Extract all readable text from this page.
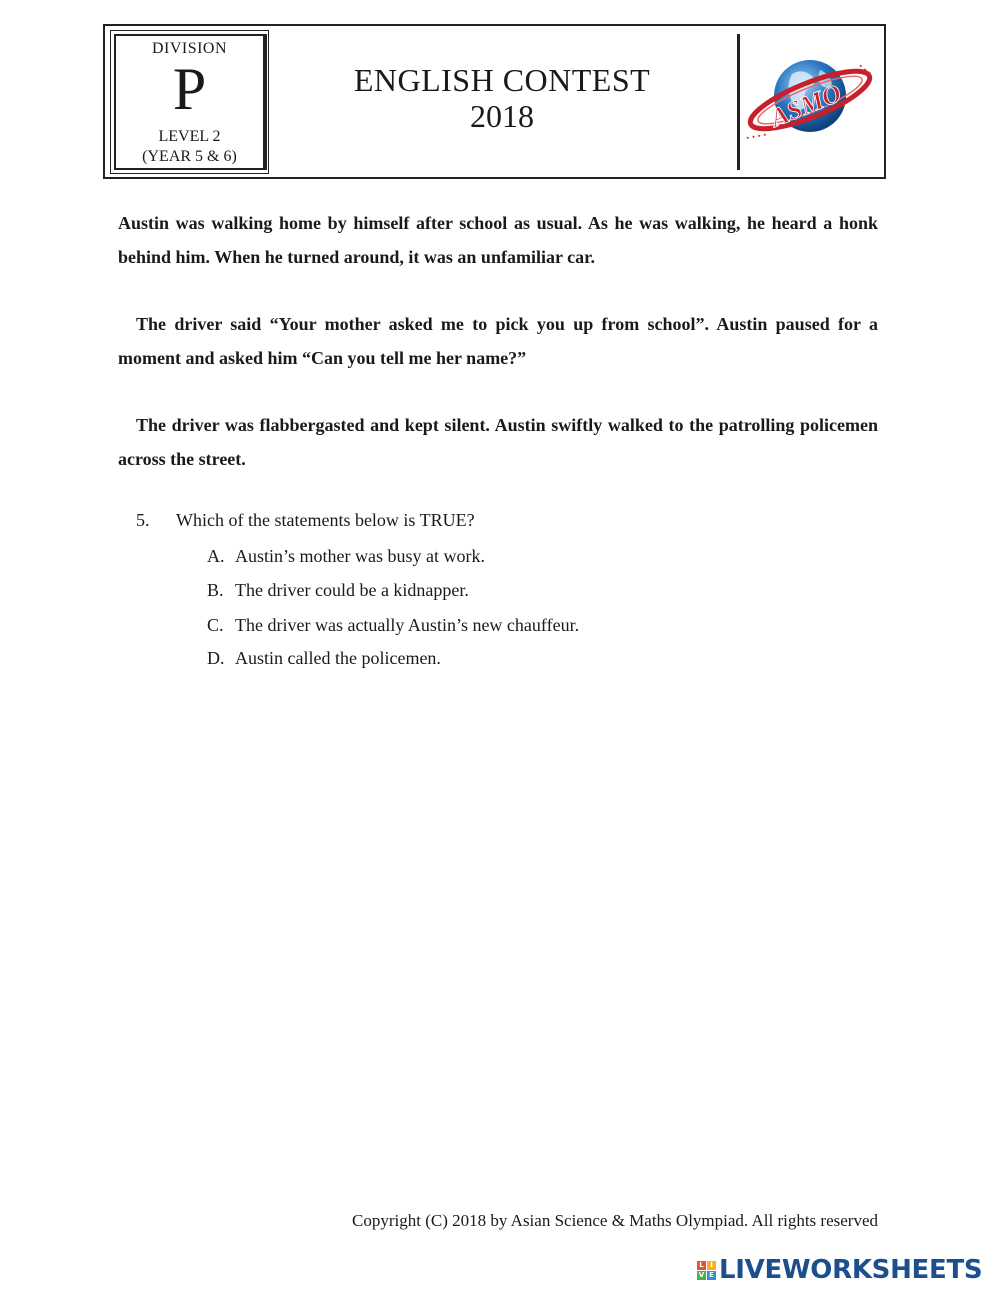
DIVISION
P
LEVEL 2
(YEAR 5 & 6)
ENGLISH CONTEST
2018	ASMO
✦ ✦ ✦
✦ ✦ ✦ ✦

Austin was walking home by himself after school as usual. As he was walking, he heard a honk behind him. When he turned around, it was an unfamiliar car.

The driver said “Your mother asked me to pick you up from school”. Austin paused for a moment and asked him “Can you tell me her name?”

The driver was flabbergasted and kept silent. Austin swiftly walked to the patrolling policemen across the street.

5. Which of the statements below is TRUE?
A. Austin’s mother was busy at work.
B. The driver could be a kidnapper.
C. The driver was actually Austin’s new chauffeur.
D. Austin called the policemen.
Copyright (C) 2018 by Asian Science & Maths Olympiad. All rights reserved
L I
V E LIVEWORKSHEETS
